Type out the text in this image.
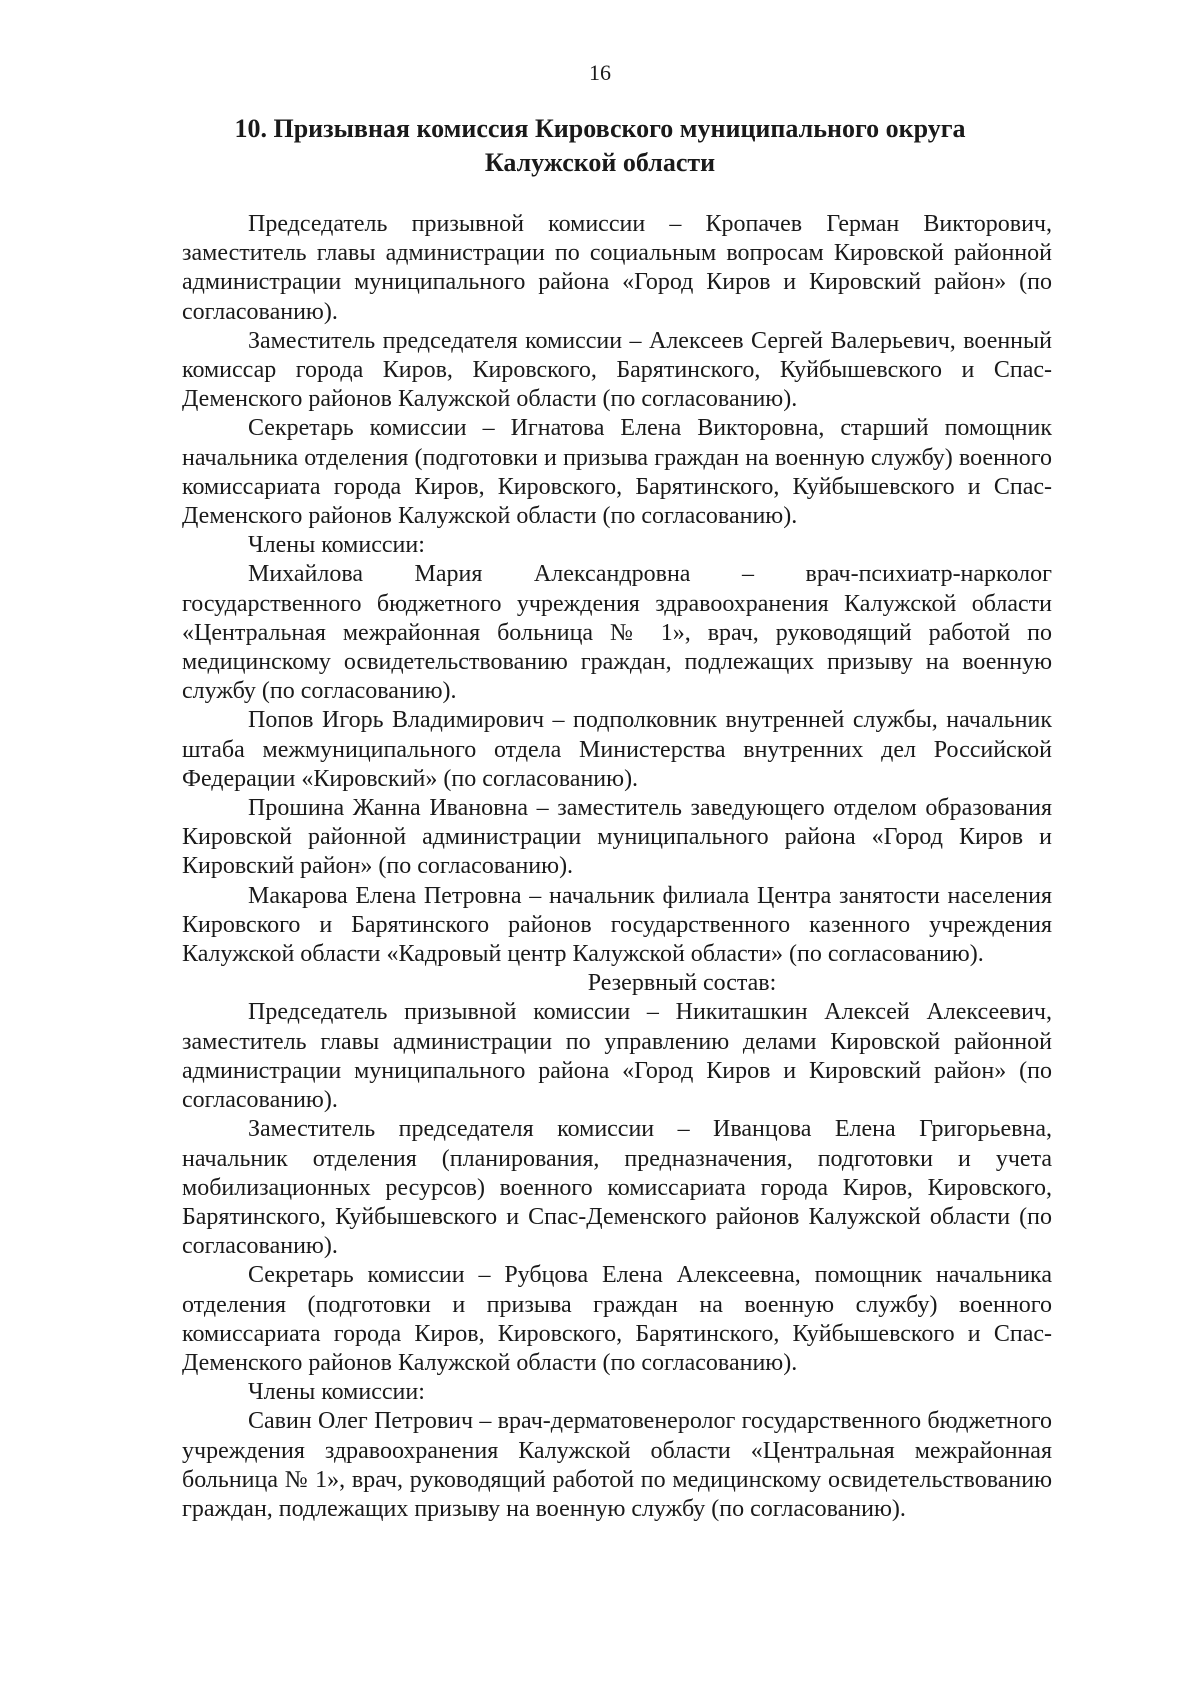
16
10. Призывная комиссия Кировского муниципального округа
Калужской области

Председатель призывной комиссии – Кропачев Герман Викторович, заместитель главы администрации по социальным вопросам Кировской районной администрации муниципального района «Город Киров и Кировский район» (по согласованию).

Заместитель председателя комиссии – Алексеев Сергей Валерьевич, военный комиссар города Киров, Кировского, Барятинского, Куйбышевского и Спас-Деменского районов Калужской области (по согласованию).

Секретарь комиссии – Игнатова Елена Викторовна, старший помощник начальника отделения (подготовки и призыва граждан на военную службу) военного комиссариата города Киров, Кировского, Барятинского, Куйбышевского и Спас-Деменского районов Калужской области (по согласованию).

Члены комиссии:

Михайлова Мария Александровна – врач-психиатр-нарколог государственного бюджетного учреждения здравоохранения Калужской области «Центральная межрайонная больница № 1», врач, руководящий работой по медицинскому освидетельствованию граждан, подлежащих призыву на военную службу (по согласованию).

Попов Игорь Владимирович – подполковник внутренней службы, начальник штаба межмуниципального отдела Министерства внутренних дел Российской Федерации «Кировский» (по согласованию).

Прошина Жанна Ивановна – заместитель заведующего отделом образования Кировской районной администрации муниципального района «Город Киров и Кировский район» (по согласованию).

Макарова Елена Петровна – начальник филиала Центра занятости населения Кировского и Барятинского районов государственного казенного учреждения Калужской области «Кадровый центр Калужской области» (по согласованию).

Резервный состав:

Председатель призывной комиссии – Никиташкин Алексей Алексеевич, заместитель главы администрации по управлению делами Кировской районной администрации муниципального района «Город Киров и Кировский район» (по согласованию).

Заместитель председателя комиссии – Иванцова Елена Григорьевна, начальник отделения (планирования, предназначения, подготовки и учета мобилизационных ресурсов) военного комиссариата города Киров, Кировского, Барятинского, Куйбышевского и Спас-Деменского районов Калужской области (по согласованию).

Секретарь комиссии – Рубцова Елена Алексеевна, помощник начальника отделения (подготовки и призыва граждан на военную службу) военного комиссариата города Киров, Кировского, Барятинского, Куйбышевского и Спас-Деменского районов Калужской области (по согласованию).

Члены комиссии:

Савин Олег Петрович – врач-дерматовенеролог государственного бюджетного учреждения здравоохранения Калужской области «Центральная межрайонная больница № 1», врач, руководящий работой по медицинскому освидетельствованию граждан, подлежащих призыву на военную службу (по согласованию).
